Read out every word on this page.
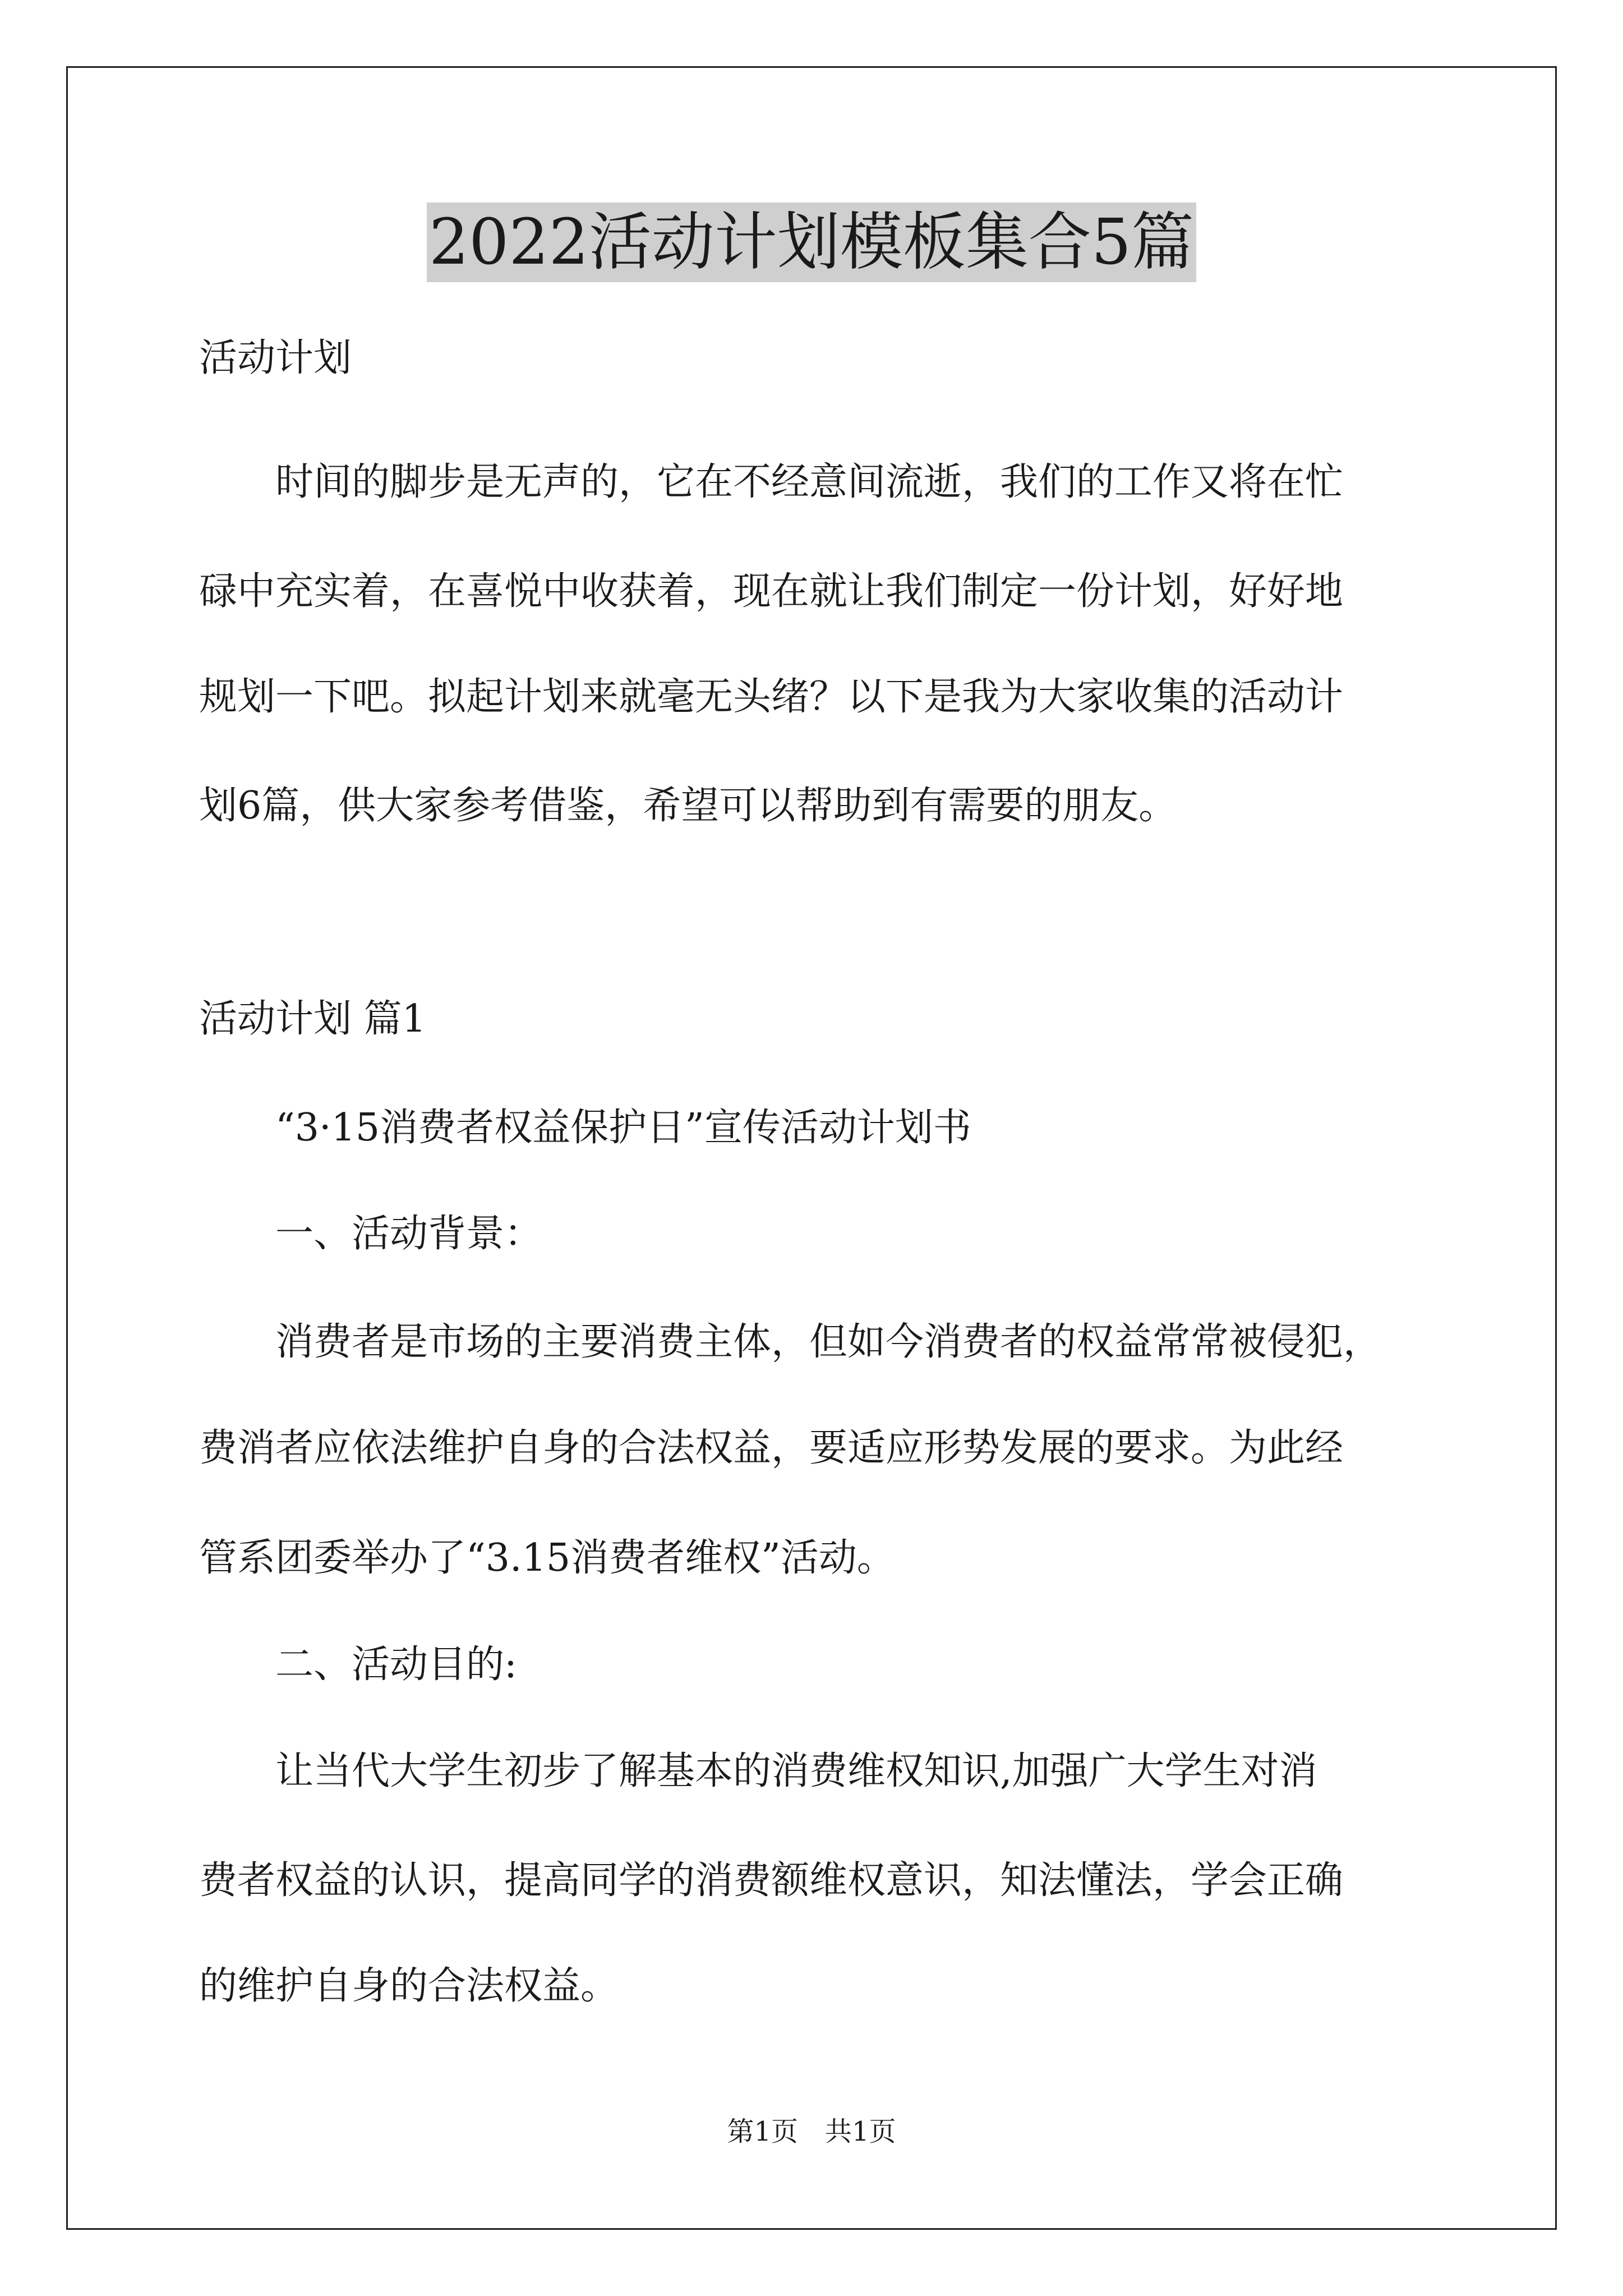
2022活动计划模板集合5篇
活动计划
　　时间的脚步是无声的，它在不经意间流逝，我们的工作又将在忙
碌中充实着，在喜悦中收获着，现在就让我们制定一份计划，好好地
规划一下吧。拟起计划来就毫无头绪？以下是我为大家收集的活动计
划6篇，供大家参考借鉴，希望可以帮助到有需要的朋友。
活动计划 篇1
　　“3·15消费者权益保护日”宣传活动计划书
　　一、活动背景：
　　消费者是市场的主要消费主体，但如今消费者的权益常常被侵犯，
费消者应依法维护自身的合法权益，要适应形势发展的要求。为此经
管系团委举办了“3.15消费者维权”活动。
　　二、活动目的:
　　让当代大学生初步了解基本的消费维权知识,加强广大学生对消
费者权益的认识，提高同学的消费额维权意识，知法懂法，学会正确
的维护自身的合法权益。
第1页　共1页
